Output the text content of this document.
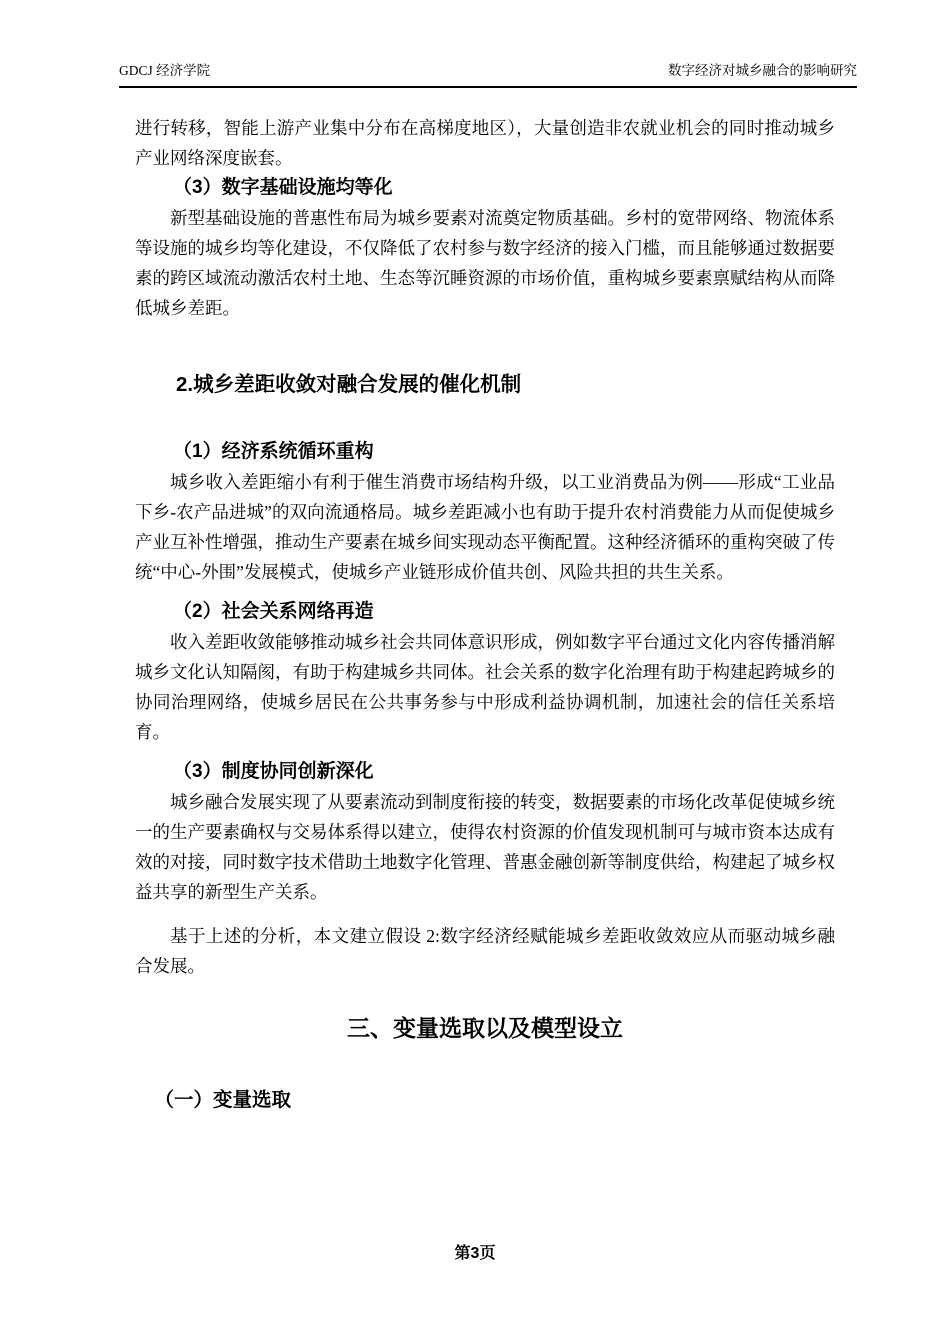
GDCJ 经济学院	数字经济对城乡融合的影响研究

进行转移，智能上游产业集中分布在高梯度地区），大量创造非农就业机会的同时推动城乡产业网络深度嵌套。

（3）数字基础设施均等化

新型基础设施的普惠性布局为城乡要素对流奠定物质基础。乡村的宽带网络、物流体系等设施的城乡均等化建设，不仅降低了农村参与数字经济的接入门槛，而且能够通过数据要素的跨区域流动激活农村土地、生态等沉睡资源的市场价值，重构城乡要素禀赋结构从而降低城乡差距。

2.城乡差距收敛对融合发展的催化机制
（1）经济系统循环重构

城乡收入差距缩小有利于催生消费市场结构升级，以工业消费品为例——形成“工业品下乡-农产品进城”的双向流通格局。城乡差距减小也有助于提升农村消费能力从而促使城乡产业互补性增强，推动生产要素在城乡间实现动态平衡配置。这种经济循环的重构突破了传统“中心-外围”发展模式，使城乡产业链形成价值共创、风险共担的共生关系。

（2）社会关系网络再造

收入差距收敛能够推动城乡社会共同体意识形成，例如数字平台通过文化内容传播消解城乡文化认知隔阂，有助于构建城乡共同体。社会关系的数字化治理有助于构建起跨城乡的协同治理网络，使城乡居民在公共事务参与中形成利益协调机制，加速社会的信任关系培育。

（3）制度协同创新深化

城乡融合发展实现了从要素流动到制度衔接的转变，数据要素的市场化改革促使城乡统一的生产要素确权与交易体系得以建立，使得农村资源的价值发现机制可与城市资本达成有效的对接，同时数字技术借助土地数字化管理、普惠金融创新等制度供给，构建起了城乡权益共享的新型生产关系。

基于上述的分析，本文建立假设 2:数字经济经赋能城乡差距收敛效应从而驱动城乡融合发展。

三、变量选取以及模型设立
（一）变量选取
第3页
